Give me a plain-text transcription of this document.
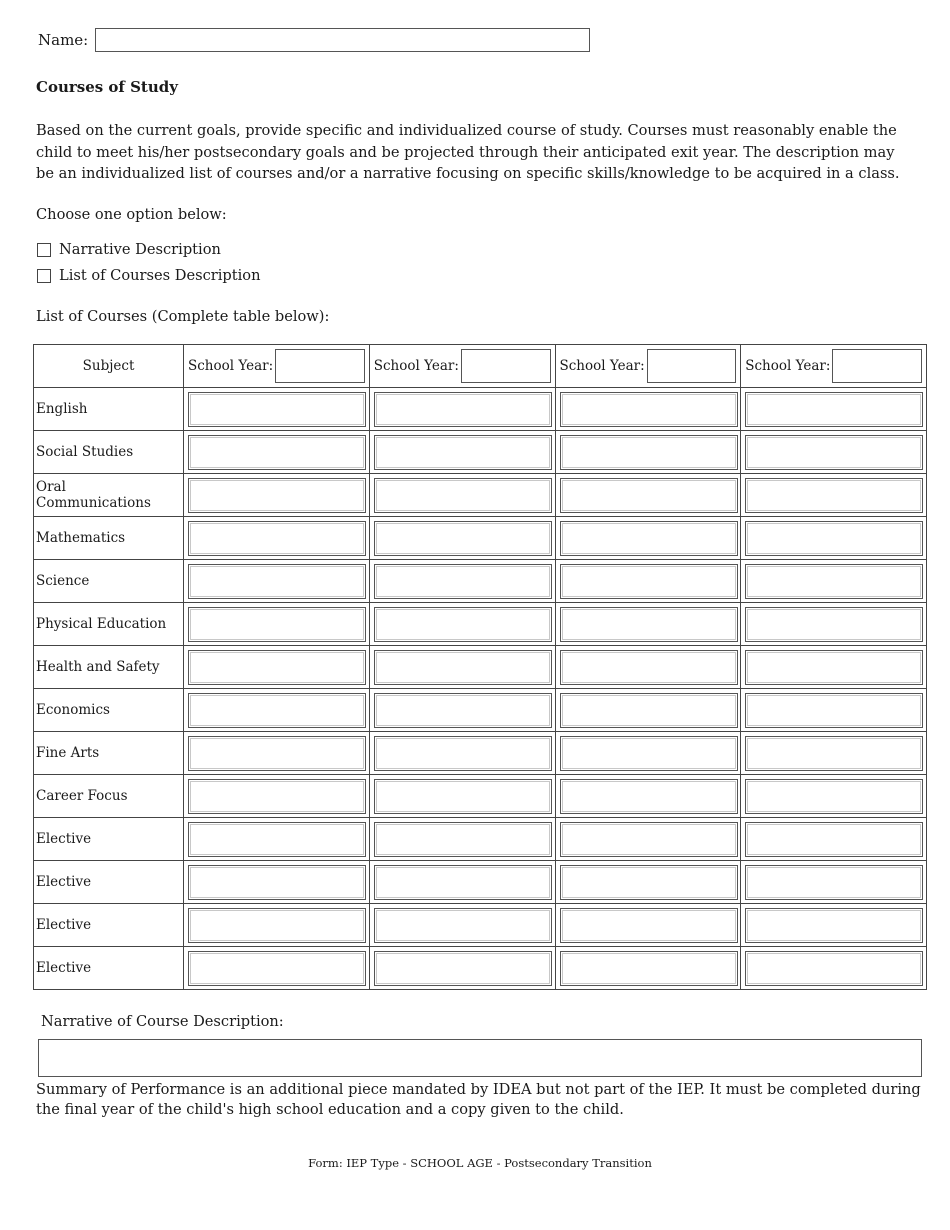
Name:
Courses of Study
Based on the current goals, provide specific and individualized course of study. Courses must reasonably enable the child to meet his/her postsecondary goals and be projected through their anticipated exit year. The description may be an individualized list of courses and/or a narrative focusing on specific skills/knowledge to be acquired in a class.
Choose one option below:
Narrative Description
List of Courses Description
List of Courses (Complete table below):
Subject	School Year:	School Year:	School Year:	School Year:

English	

Social Studies	

Oral Communications	

Mathematics	

Science	

Physical Education	

Health and Safety	

Economics	

Fine Arts	

Career Focus	

Elective	

Elective	

Elective	

Elective	

Narrative of Course Description:
Summary of Performance is an additional piece mandated by IDEA but not part of the IEP. It must be completed during the final year of the child's high school education and a copy given to the child.
Form: IEP Type - SCHOOL AGE - Postsecondary Transition
